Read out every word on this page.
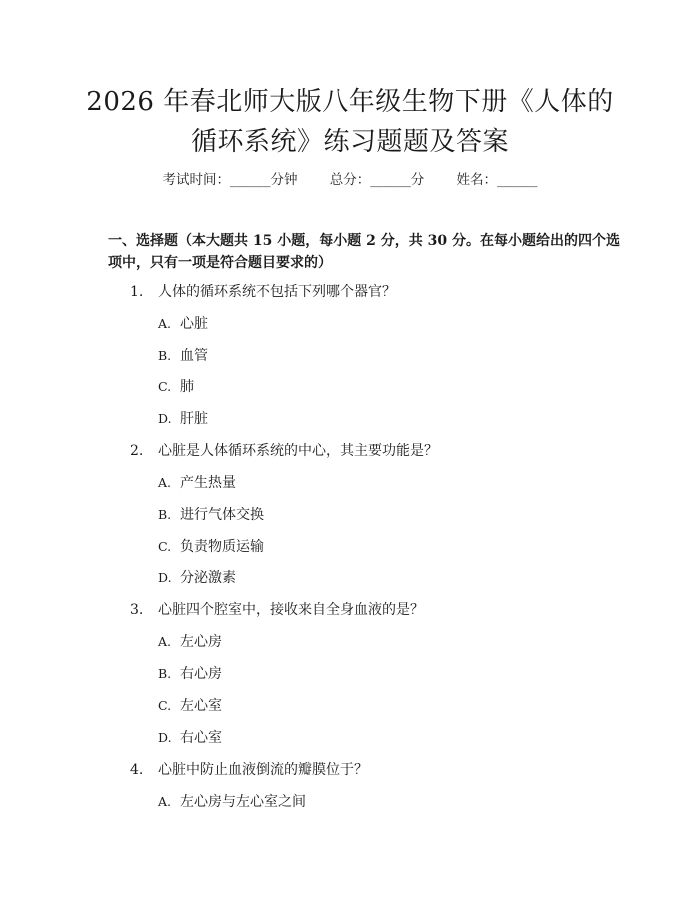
2026 年春北师大版八年级生物下册《人体的
循环系统》练习题题及答案
考试时间：______分钟 总分：______分 姓名：______
一、选择题（本大题共 15 小题，每小题 2 分，共 30 分。在每小题给出的四个选项中，只有一项是符合题目要求的）
1. 人体的循环系统不包括下列哪个器官？
A. 心脏
B. 血管
C. 肺
D. 肝脏
2. 心脏是人体循环系统的中心，其主要功能是？
A. 产生热量
B. 进行气体交换
C. 负责物质运输
D. 分泌激素
3. 心脏四个腔室中，接收来自全身血液的是？
A. 左心房
B. 右心房
C. 左心室
D. 右心室
4. 心脏中防止血液倒流的瓣膜位于？
A. 左心房与左心室之间
